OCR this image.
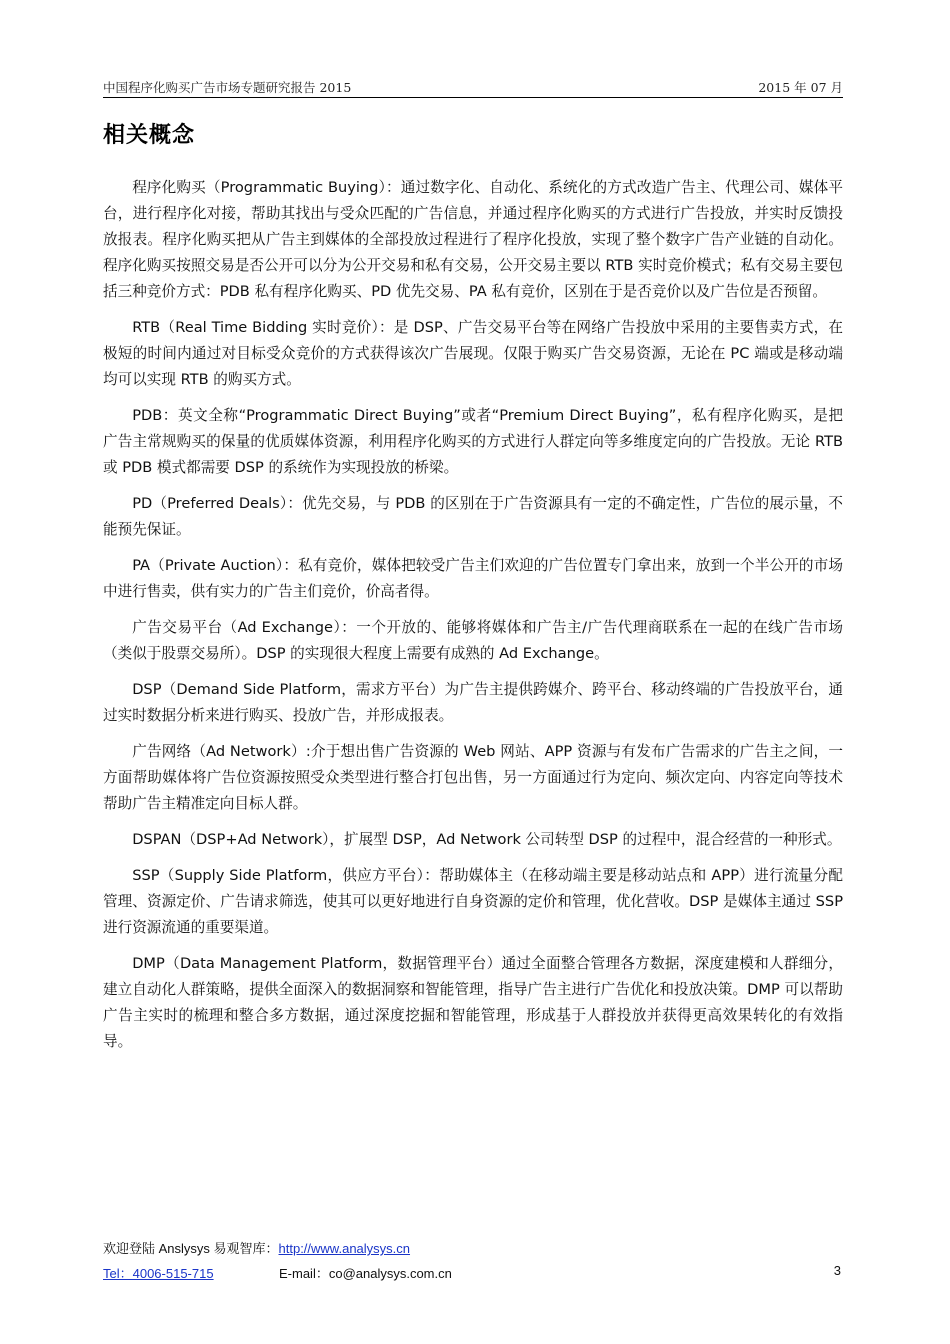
中国程序化购买广告市场专题研究报告 2015	2015 年 07 月
相关概念

程序化购买（Programmatic Buying）：通过数字化、自动化、系统化的方式改造广告主、代理公司、媒体平台，进行程序化对接，帮助其找出与受众匹配的广告信息，并通过程序化购买的方式进行广告投放，并实时反馈投放报表。程序化购买把从广告主到媒体的全部投放过程进行了程序化投放，实现了整个数字广告产业链的自动化。程序化购买按照交易是否公开可以分为公开交易和私有交易，公开交易主要以 RTB 实时竞价模式；私有交易主要包括三种竞价方式：PDB 私有程序化购买、PD 优先交易、PA 私有竞价，区别在于是否竞价以及广告位是否预留。

RTB（Real Time Bidding 实时竞价）：是 DSP、广告交易平台等在网络广告投放中采用的主要售卖方式，在极短的时间内通过对目标受众竞价的方式获得该次广告展现。仅限于购买广告交易资源，无论在 PC 端或是移动端均可以实现 RTB 的购买方式。

PDB：英文全称“Programmatic Direct Buying”或者“Premium Direct Buying”，私有程序化购买，是把广告主常规购买的保量的优质媒体资源，利用程序化购买的方式进行人群定向等多维度定向的广告投放。无论 RTB 或 PDB 模式都需要 DSP 的系统作为实现投放的桥梁。

PD（Preferred Deals）：优先交易，与 PDB 的区别在于广告资源具有一定的不确定性，广告位的展示量，不能预先保证。

PA（Private Auction）：私有竞价，媒体把较受广告主们欢迎的广告位置专门拿出来，放到一个半公开的市场中进行售卖，供有实力的广告主们竞价，价高者得。

广告交易平台（Ad Exchange）：一个开放的、能够将媒体和广告主/广告代理商联系在一起的在线广告市场（类似于股票交易所）。DSP 的实现很大程度上需要有成熟的 Ad Exchange。

DSP（Demand Side Platform，需求方平台）为广告主提供跨媒介、跨平台、移动终端的广告投放平台，通过实时数据分析来进行购买、投放广告，并形成报表。

广告网络（Ad Network）:介于想出售广告资源的 Web 网站、APP 资源与有发布广告需求的广告主之间，一方面帮助媒体将广告位资源按照受众类型进行整合打包出售，另一方面通过行为定向、频次定向、内容定向等技术帮助广告主精准定向目标人群。

DSPAN（DSP+Ad Network），扩展型 DSP，Ad Network 公司转型 DSP 的过程中，混合经营的一种形式。

SSP（Supply Side Platform，供应方平台）：帮助媒体主（在移动端主要是移动站点和 APP）进行流量分配管理、资源定价、广告请求筛选，使其可以更好地进行自身资源的定价和管理，优化营收。DSP 是媒体主通过 SSP 进行资源流通的重要渠道。

DMP（Data Management Platform，数据管理平台）通过全面整合管理各方数据，深度建模和人群细分，建立自动化人群策略，提供全面深入的数据洞察和智能管理，指导广告主进行广告优化和投放决策。DMP 可以帮助广告主实时的梳理和整合多方数据，通过深度挖掘和智能管理，形成基于人群投放并获得更高效果转化的有效指导。

欢迎登陆 Anslysys 易观智库：http://www.analysys.cn
Tel：4006-515-715	E-mail：co@analysys.com.cn	3
